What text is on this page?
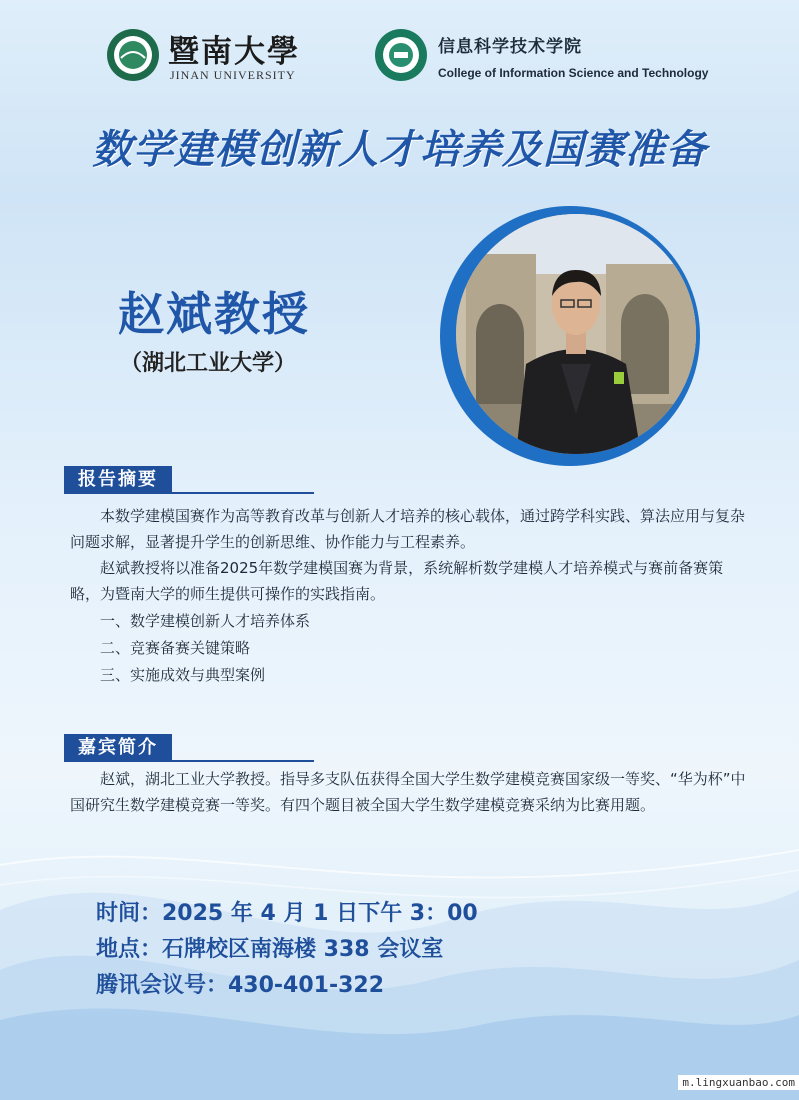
暨南大學
JINAN UNIVERSITY
信息科学技术学院
College of Information Science and Technology
数学建模创新人才培养及国赛准备
赵斌教授
（湖北工业大学）
报告摘要

本数学建模国赛作为高等教育改革与创新人才培养的核心载体，通过跨学科实践、算法应用与复杂问题求解，显著提升学生的创新思维、协作能力与工程素养。

赵斌教授将以准备2025年数学建模国赛为背景，系统解析数学建模人才培养模式与赛前备赛策略，为暨南大学的师生提供可操作的实践指南。

一、数学建模创新人才培养体系
二、竞赛备赛关键策略
三、实施成效与典型案例
嘉宾简介

赵斌，湖北工业大学教授。指导多支队伍获得全国大学生数学建模竞赛国家级一等奖、“华为杯”中国研究生数学建模竞赛一等奖。有四个题目被全国大学生数学建模竞赛采纳为比赛用题。

时间：2025 年 4 月 1 日下午 3：00
地点：石牌校区南海楼 338 会议室
腾讯会议号：430-401-322
m.lingxuanbao.com
